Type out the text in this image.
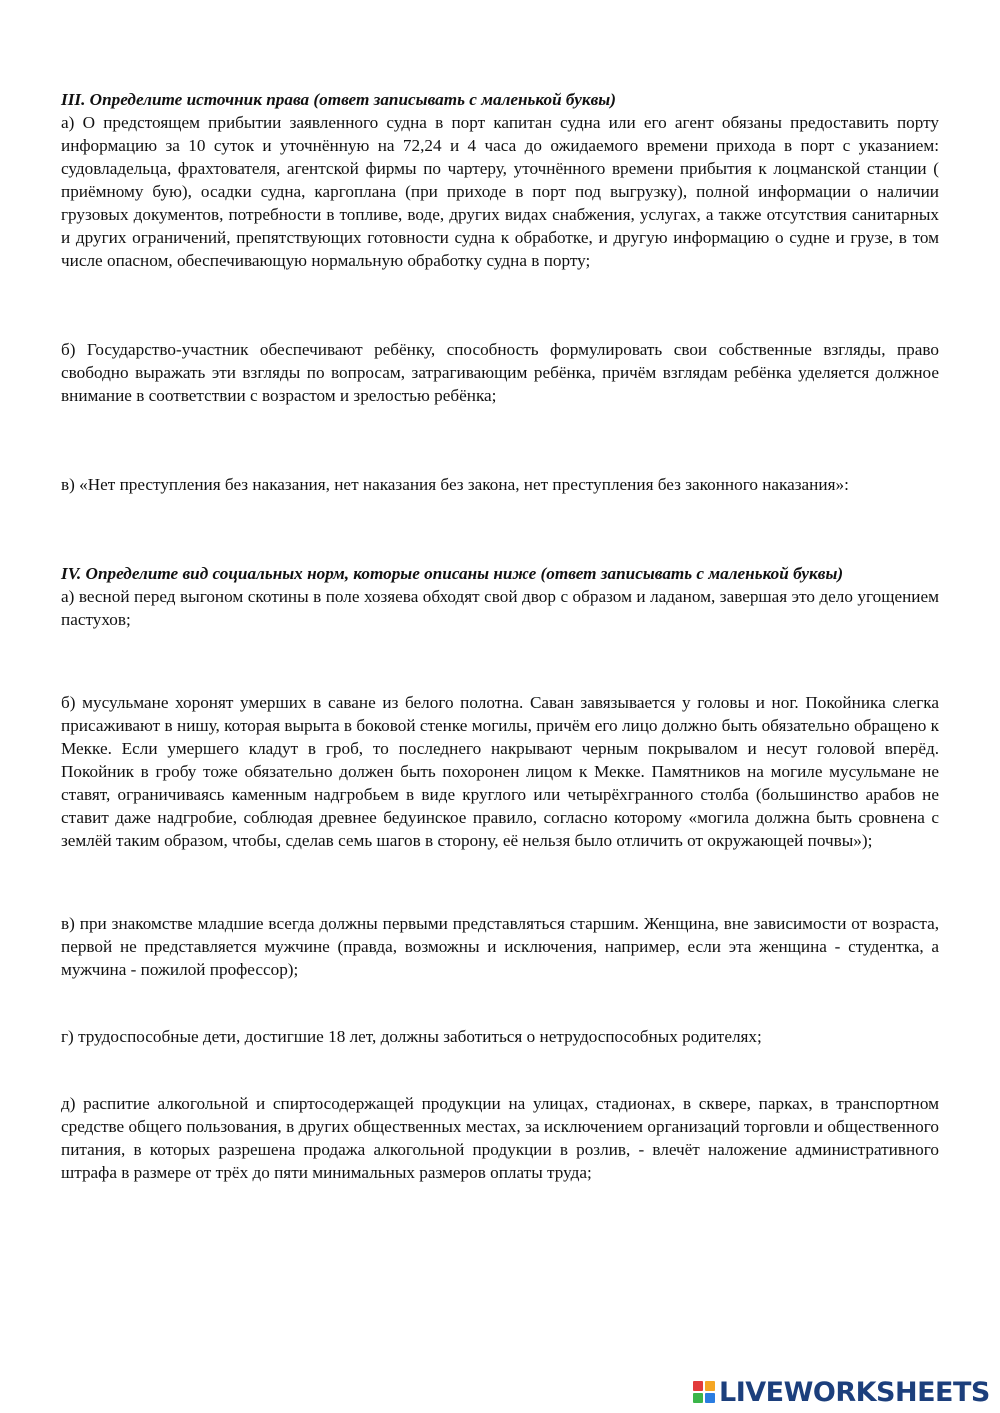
III. Определите источник права (ответ записывать с маленькой буквы)

а) О предстоящем прибытии заявленного судна в порт капитан судна или его агент обязаны предоставить порту информацию за 10 суток и уточнённую на 72,24 и 4 часа до ожидаемого времени прихода в порт с указанием: судовладельца, фрахтователя, агентской фирмы по чартеру, уточнённого времени прибытия к лоцманской станции ( приёмному бую), осадки судна, каргоплана (при приходе в порт под выгрузку), полной информации о наличии грузовых документов, потребности в топливе, воде, других видах снабжения, услугах, а также отсутствия санитарных и других ограничений, препятствующих готовности судна к обработке, и другую информацию о судне и грузе, в том числе опасном, обеспечивающую нормальную обработку судна в порту;

б) Государство-участник обеспечивают ребёнку, способность формулировать свои собственные взгляды, право свободно выражать эти взгляды по вопросам, затрагивающим ребёнка, причём взглядам ребёнка уделяется должное внимание в соответствии с возрастом и зрелостью ребёнка;

в) «Нет преступления без наказания, нет наказания без закона, нет преступления без законного наказания»:

IV. Определите вид социальных норм, которые описаны ниже (ответ записывать с маленькой буквы)

а) весной перед выгоном скотины в поле хозяева обходят свой двор с образом и ладаном, завершая это дело угощением пастухов;

б) мусульмане хоронят умерших в саване из белого полотна. Саван завязывается у головы и ног. Покойника слегка присаживают в нишу, которая вырыта в боковой стенке могилы, причём его лицо должно быть обязательно обращено к Мекке. Если умершего кладут в гроб, то последнего накрывают черным покрывалом и несут головой вперёд. Покойник в гробу тоже обязательно должен быть похоронен лицом к Мекке. Памятников на могиле мусульмане не ставят, ограничиваясь каменным надгробьем в виде круглого или четырёхгранного столба (большинство арабов не ставит даже надгробие, соблюдая древнее бедуинское правило, согласно которому «могила должна быть сровнена с землёй таким образом, чтобы, сделав семь шагов в сторону, её нельзя было отличить от окружающей почвы»);

в) при знакомстве младшие всегда должны первыми представляться старшим. Женщина, вне зависимости от возраста, первой не представляется мужчине (правда, возможны и исключения, например, если эта женщина - студентка, а мужчина - пожилой профессор);

г) трудоспособные дети, достигшие 18 лет, должны заботиться о нетрудоспособных родителях;

д) распитие алкогольной и спиртосодержащей продукции на улицах, стадионах, в сквере, парках, в транспортном средстве общего пользования, в других общественных местах, за исключением организаций торговли и общественного питания, в которых разрешена продажа алкогольной продукции в розлив, - влечёт наложение административного штрафа в размере от трёх до пяти минимальных размеров оплаты труда;

LIVEWORKSHEETS
